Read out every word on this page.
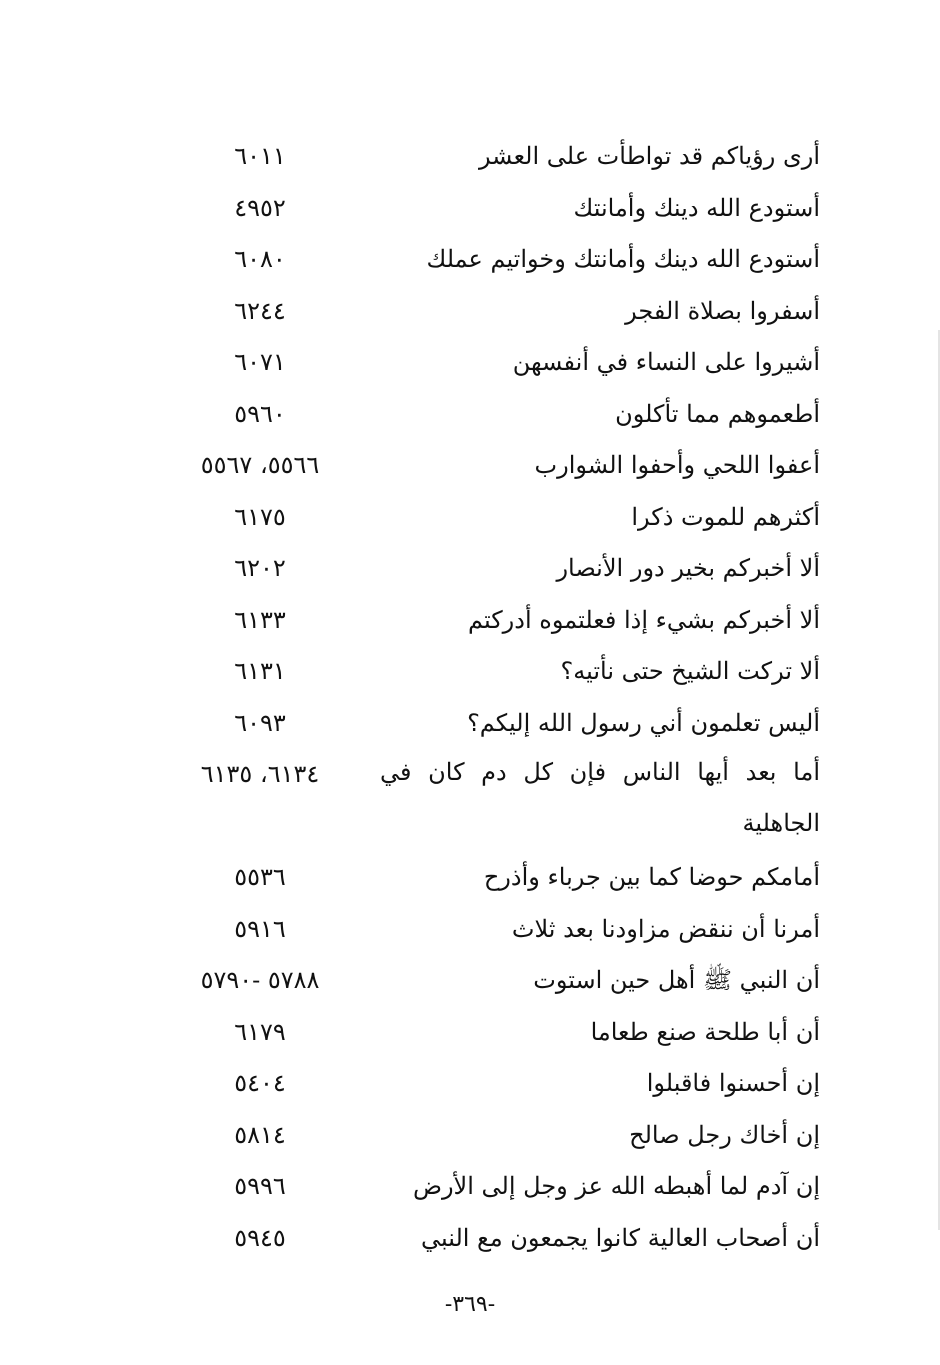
أرى رؤياكم قد تواطأت على العشر
٦٠١١
أستودع الله دينك وأمانتك
٤٩٥٢
أستودع الله دينك وأمانتك وخواتيم عملك
٦٠٨٠
أسفروا بصلاة الفجر
٦٢٤٤
أشيروا على النساء في أنفسهن
٦٠٧١
أطعموهم مما تأكلون
٥٩٦٠
أعفوا اللحي وأحفوا الشوارب
٥٥٦٦، ٥٥٦٧
أكثرهم للموت ذكرا
٦١٧٥
ألا أخبركم بخير دور الأنصار
٦٢٠٢
ألا أخبركم بشيء إذا فعلتموه أدركتم
٦١٣٣
ألا تركت الشيخ حتى نأتيه؟
٦١٣١
أليس تعلمون أني رسول الله إليكم؟
٦٠٩٣
أما بعد أيها الناس فإن كل دم كان في الجاهلية
٦١٣٤، ٦١٣٥
أمامكم حوضا كما بين جرباء وأذرح
٥٥٣٦
أمرنا أن ننقض مزاودنا بعد ثلاث
٥٩١٦
أن النبي ﷺ أهل حين استوت
٥٧٨٨ -٥٧٩٠
أن أبا طلحة صنع طعاما
٦١٧٩
إن أحسنوا فاقبلوا
٥٤٠٤
إن أخاك رجل صالح
٥٨١٤
إن آدم لما أهبطه الله عز وجل إلى الأرض
٥٩٩٦
أن أصحاب العالية كانوا يجمعون مع النبي
٥٩٤٥
-٣٦٩-
